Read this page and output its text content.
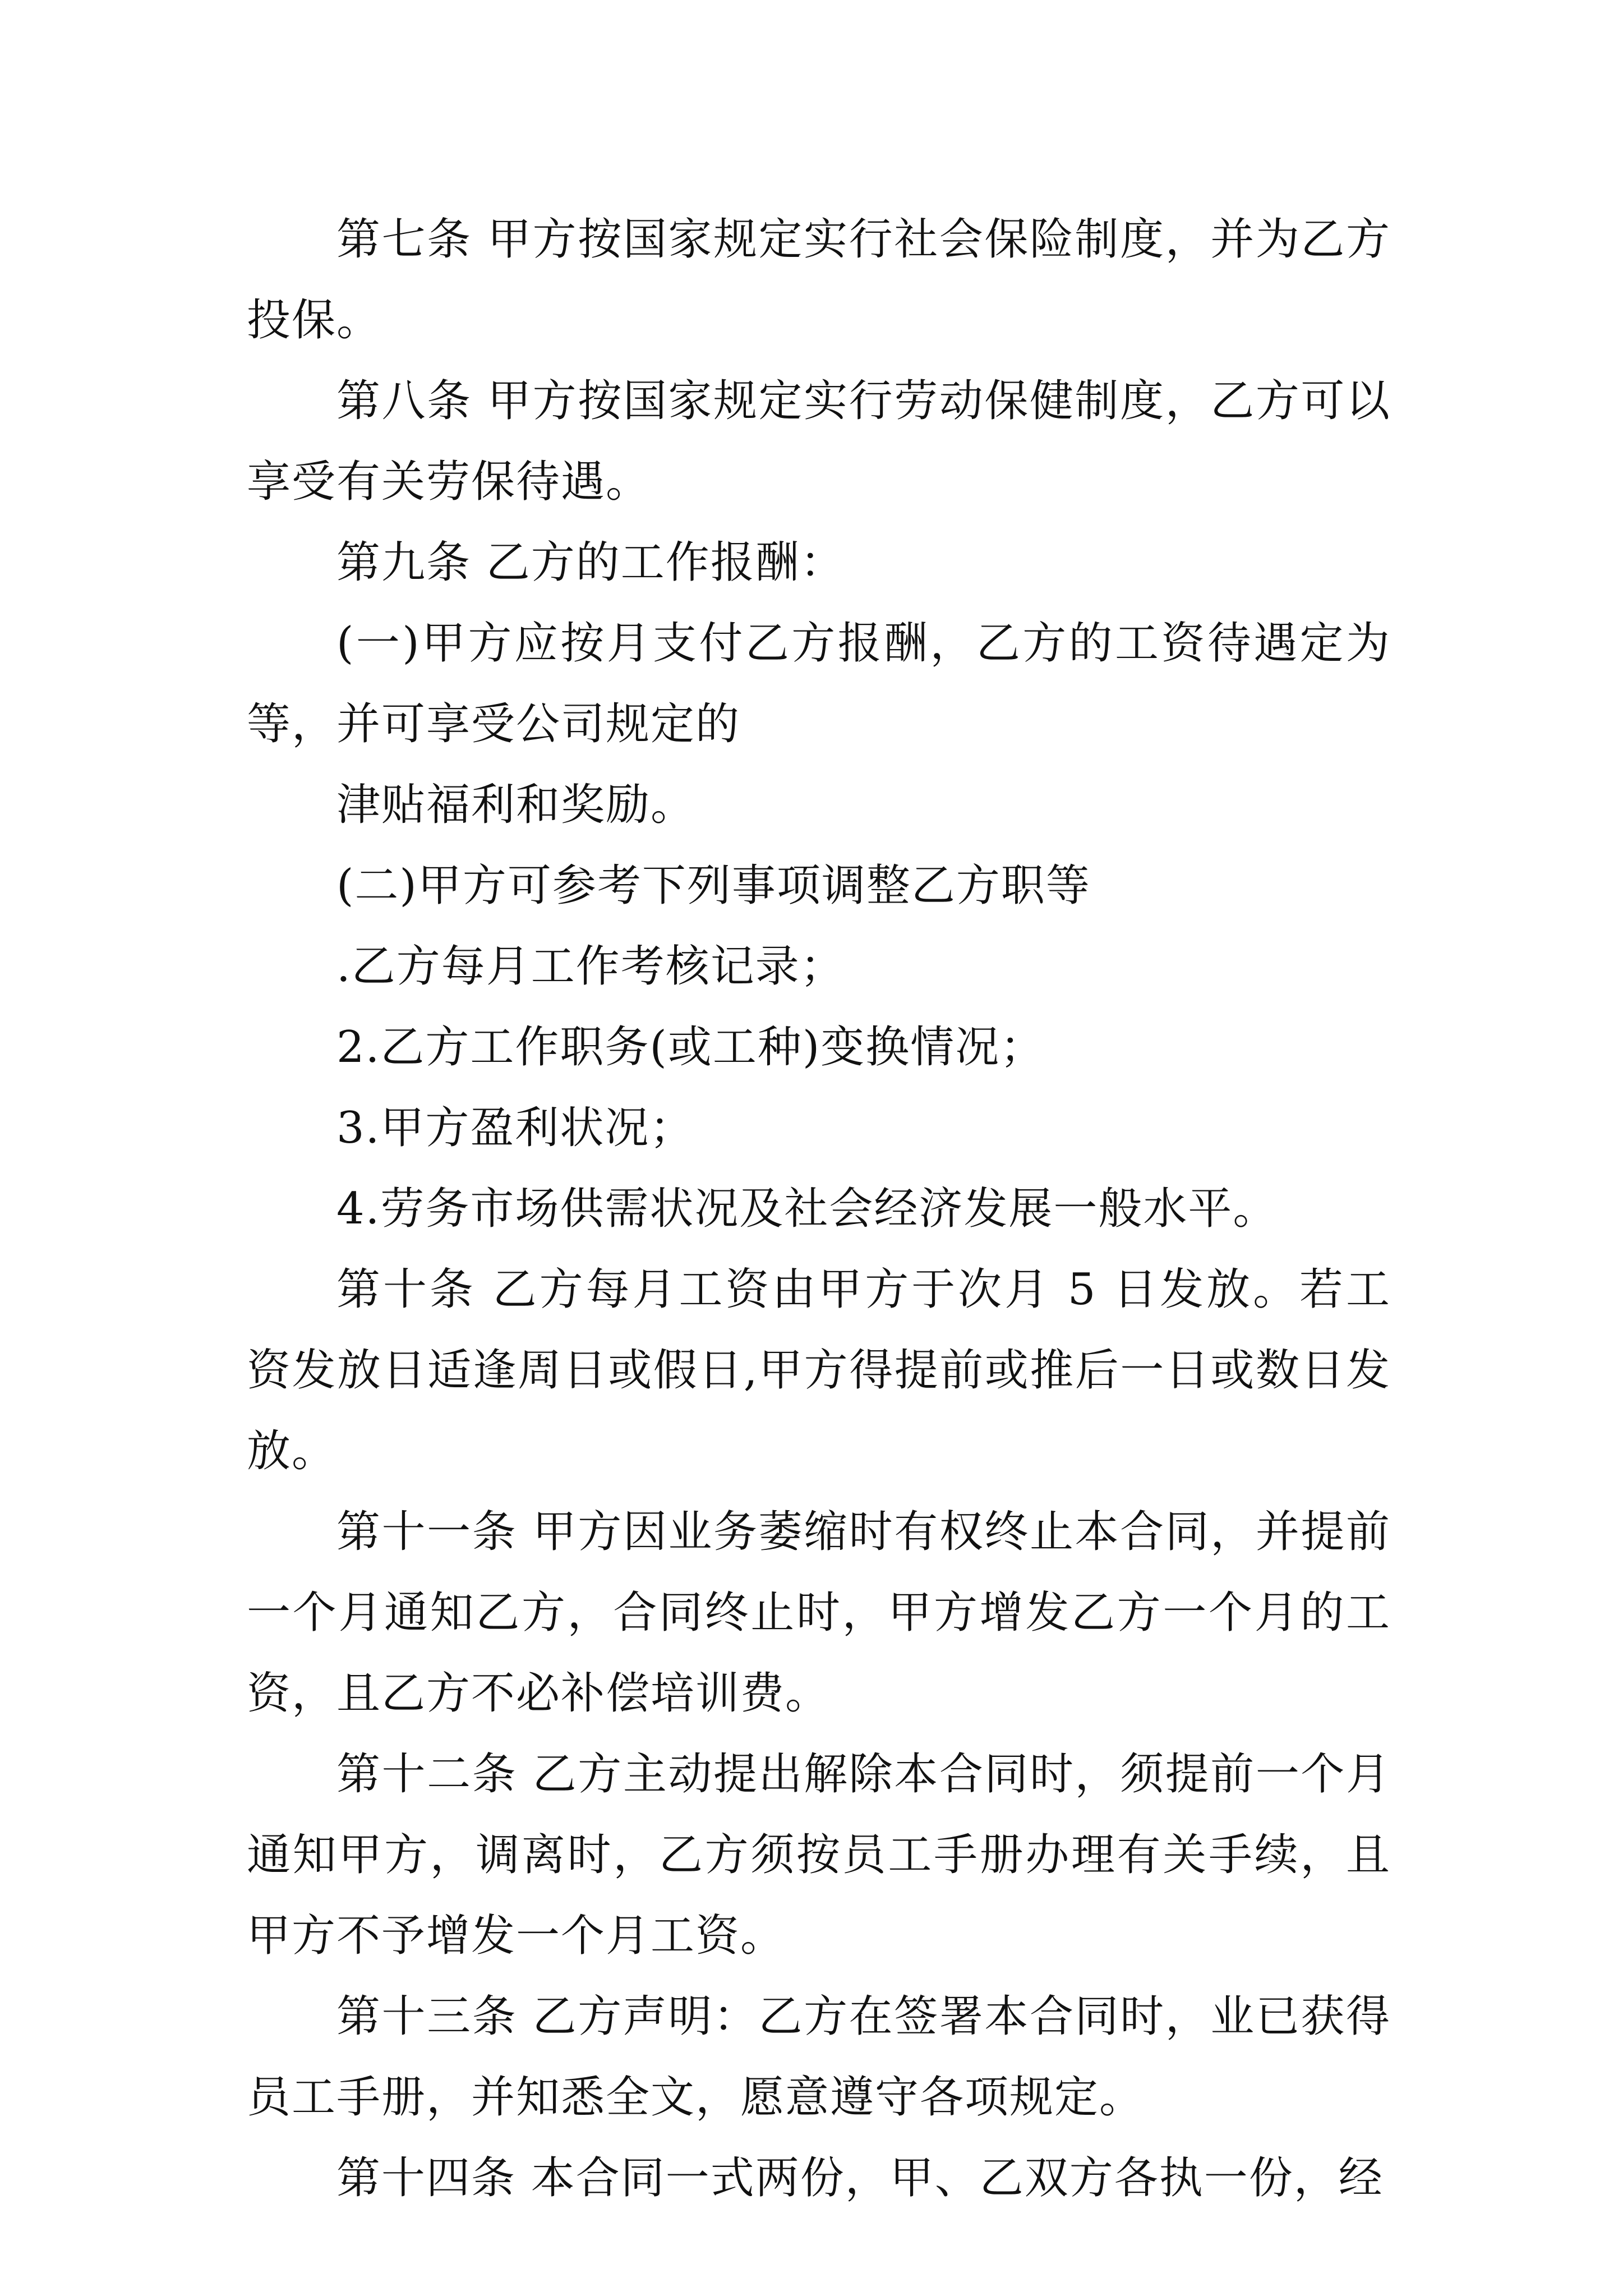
第七条 甲方按国家规定实行社会保险制度，并为乙方投保。

第八条 甲方按国家规定实行劳动保健制度，乙方可以享受有关劳保待遇。

第九条 乙方的工作报酬：

(一)甲方应按月支付乙方报酬，乙方的工资待遇定为等，并可享受公司规定的

津贴福利和奖励。

(二)甲方可参考下列事项调整乙方职等

.乙方每月工作考核记录；

2.乙方工作职务(或工种)变换情况；

3.甲方盈利状况；

4.劳务市场供需状况及社会经济发展一般水平。

第十条 乙方每月工资由甲方于次月 5 日发放。若工资发放日适逢周日或假日,甲方得提前或推后一日或数日发放。

第十一条 甲方因业务萎缩时有权终止本合同，并提前一个月通知乙方，合同终止时，甲方增发乙方一个月的工资，且乙方不必补偿培训费。

第十二条 乙方主动提出解除本合同时，须提前一个月通知甲方，调离时，乙方须按员工手册办理有关手续，且甲方不予增发一个月工资。

第十三条 乙方声明：乙方在签署本合同时，业已获得员工手册，并知悉全文，愿意遵守各项规定。

第十四条 本合同一式两份，甲、乙双方各执一份，经
